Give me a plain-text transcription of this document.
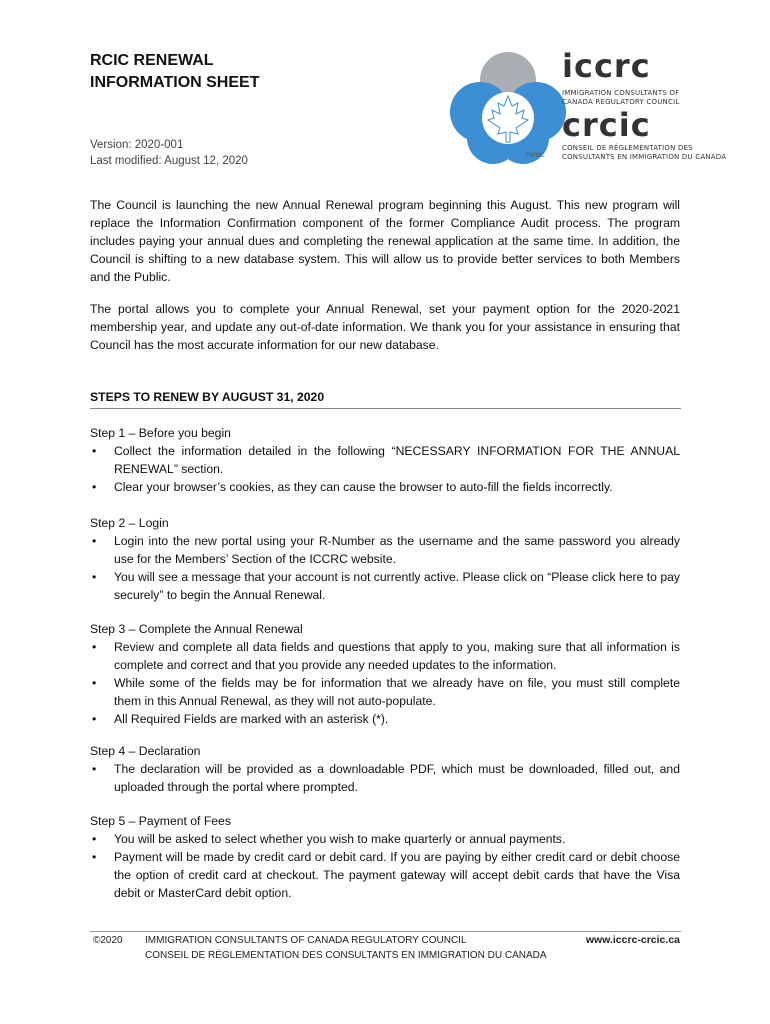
RCIC RENEWAL
INFORMATION SHEET
Version: 2020-001
Last modified: August 12, 2020
iccrc
IMMIGRATION CONSULTANTS OF
CANADA REGULATORY COUNCIL
crcic
CONSEIL DE RÉGLEMENTATION DES
CONSULTANTS EN IMMIGRATION DU CANADA
TM/MC

The Council is launching the new Annual Renewal program beginning this August. This new program will replace the Information Confirmation component of the former Compliance Audit process. The program includes paying your annual dues and completing the renewal application at the same time. In addition, the Council is shifting to a new database system. This will allow us to provide better services to both Members and the Public.

The portal allows you to complete your Annual Renewal, set your payment option for the 2020-2021 membership year, and update any out-of-date information. We thank you for your assistance in ensuring that Council has the most accurate information for our new database.

STEPS TO RENEW BY AUGUST 31, 2020

Step 1 – Before you begin

• Collect the information detailed in the following “NECESSARY INFORMATION FOR THE ANNUAL RENEWAL” section.
• Clear your browser’s cookies, as they can cause the browser to auto-fill the fields incorrectly.

Step 2 – Login

• Login into the new portal using your R-Number as the username and the same password you already use for the Members’ Section of the ICCRC website.
• You will see a message that your account is not currently active. Please click on “Please click here to pay securely” to begin the Annual Renewal.

Step 3 – Complete the Annual Renewal

• Review and complete all data fields and questions that apply to you, making sure that all information is complete and correct and that you provide any needed updates to the information.
• While some of the fields may be for information that we already have on file, you must still complete them in this Annual Renewal, as they will not auto-populate.
• All Required Fields are marked with an asterisk (*).

Step 4 – Declaration

• The declaration will be provided as a downloadable PDF, which must be downloaded, filled out, and uploaded through the portal where prompted.

Step 5 – Payment of Fees

• You will be asked to select whether you wish to make quarterly or annual payments.
• Payment will be made by credit card or debit card. If you are paying by either credit card or debit choose the option of credit card at checkout. The payment gateway will accept debit cards that have the Visa debit or MasterCard debit option.
©2020 IMMIGRATION CONSULTANTS OF CANADA REGULATORY COUNCIL
CONSEIL DE RÉGLEMENTATION DES CONSULTANTS EN IMMIGRATION DU CANADA
www.iccrc-crcic.ca
